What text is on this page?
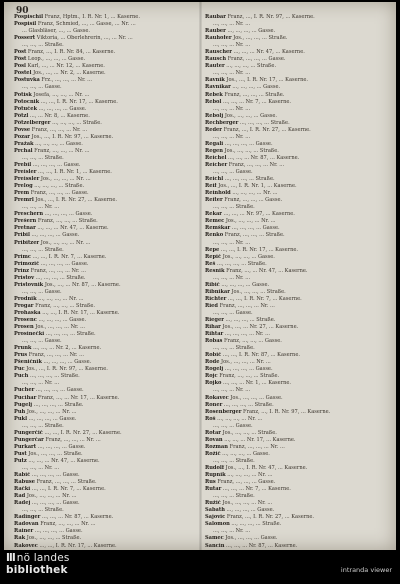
90
Pospischil Franz, Hptm., I. R. Nr. 1, ... Kaserne.
Pospisil Franz, Schmied, ..., ... Gasse, ... Nr. ...
... Glasbläser, ..., ... Gasse.
Possert Viktoria, ... Oberlehrerin, ..., ... Nr. ...
..., ..., ... Straße.
Post Franz, ..., I. R. Nr. 84, ... Kaserne.
Pöst Leop., ..., ..., ... Gasse.
Posl Karl, ..., ... Nr. 12, ... Kaserne.
Postel Jos., ..., ... Nr. 2, ... Kaserne.
Postuvka Frz., ..., ..., ... Nr. ...
..., ..., ... Gasse.
Potisk Josefa, ..., ..., ... Nr. ...
Potocnik ..., ..., I. R. Nr. 17, ... Kaserne.
Potuček ..., ..., ..., ... Gasse.
Pötzl ..., ... Nr. 8, ... Kaserne.
Pötzelberger ..., ..., ..., ... Straße.
Povse Franz, ..., ..., ... Nr. ...
Pozar Jos., ..., I. R. Nr. 97, ... Kaserne.
Pražak ..., ..., ..., ... Gasse.
Prchal Franz, ..., ..., ... Nr. ...
..., ..., ... Straße.
Prebil ..., ..., ..., ... Gasse.
Preisler ..., ..., I. R. Nr. 1, ... Kaserne.
Preissler Jos., ..., ..., ... Nr. ...
Prelog ..., ..., ..., ... Straße.
Prem Franz, ..., ..., ... Gasse.
Premrl Jos., ..., I. R. Nr. 27, ... Kaserne.
..., ..., ... Nr. ...
Preschern ..., ..., ..., ... Gasse.
Prešern Franz, ..., ..., ... Straße.
Pretnar ..., ..., ... Nr. 47, ... Kaserne.
Pribil ..., ..., ..., ... Gasse.
Pribitzer Jos., ..., ..., ... Nr. ...
..., ..., ... Straße.
Primc ..., ..., I. R. Nr. 7, ... Kaserne.
Primozič ..., ..., ..., ... Gasse.
Prinz Franz, ..., ..., ... Nr. ...
Pristov ..., ..., ..., ... Straße.
Pristovnik Jos., ..., ... Nr. 87, ... Kaserne.
..., ..., ... Gasse.
Prodnik ..., ..., ..., ... Nr. ...
Progar Franz, ..., ..., ... Straße.
Prohaska ..., ..., I. R. Nr. 17, ... Kaserne.
Prosenc ..., ..., ..., ... Gasse.
Prosen Jos., ..., ..., ... Nr. ...
Prosinečki ..., ..., ..., ... Straße.
..., ..., ... Gasse.
Prunk ..., ..., ... Nr. 2, ... Kaserne.
Prus Franz, ..., ..., ... Nr. ...
Pšeničnik ..., ..., ..., ... Gasse.
Puc Jos., ..., I. R. Nr. 97, ... Kaserne.
Puch ..., ..., ..., ... Straße.
..., ..., ... Nr. ...
Pucher ..., ..., ..., ... Gasse.
Pucihar Franz, ..., ... Nr. 17, ... Kaserne.
Pugelj ..., ..., ..., ... Straße.
Puh Jos., ..., ..., ... Nr. ...
Pukl ..., ..., ..., ... Gasse.
..., ..., ... Straße.
Pungerčič ..., ..., I. R. Nr. 27, ... Kaserne.
Pungerčar Franz, ..., ..., ... Nr. ...
Purkart ..., ..., ..., ... Gasse.
Pust Jos., ..., ..., ... Straße.
Putz ..., ..., ... Nr. 47, ... Kaserne.
..., ..., ... Nr. ...
Rabič ..., ..., ..., ... Gasse.
Rabuse Franz, ..., ..., ... Straße.
Rački ..., ..., I. R. Nr. 7, ... Kaserne.
Rad Jos., ..., ..., ... Nr. ...
Radej ..., ..., ..., ... Gasse.
..., ..., ... Straße.
Radinger ..., ..., ... Nr. 87, ... Kaserne.
Radovan Franz, ..., ..., ... Nr. ...
Rainer ..., ..., ..., ... Gasse.
Rak Jos., ..., ..., ... Straße.
Rakovec ..., ..., I. R. Nr. 17, ... Kaserne.
Raubar Franz, ..., I. R. Nr. 97, ... Kaserne.
..., ..., ... Nr. ...
Rauber ..., ..., ..., ... Gasse.
Rauhofer Jos., ..., ..., ... Straße.
..., ..., ... Nr. ...
Rauscher ..., ..., ... Nr. 47, ... Kaserne.
Rausch Franz, ..., ..., ... Gasse.
Rauter ..., ..., ..., ... Straße.
..., ..., ... Nr. ...
Ravnik Jos., ..., I. R. Nr. 17, ... Kaserne.
Ravnikar ..., ..., ..., ... Gasse.
Rebek Franz, ..., ..., ... Straße.
Rebol ..., ..., ... Nr. 7, ... Kaserne.
..., ..., ... Nr. ...
Rebolj Jos., ..., ..., ... Gasse.
Rechberger ..., ..., ..., ... Straße.
Reder Franz, ..., I. R. Nr. 27, ... Kaserne.
..., ..., ... Nr. ...
Regali ..., ..., ..., ... Gasse.
Regen Jos., ..., ..., ... Straße.
Reichel ..., ..., ... Nr. 87, ... Kaserne.
Reicher Franz, ..., ..., ... Nr. ...
..., ..., ... Gasse.
Reichl ..., ..., ..., ... Straße.
Reif Jos., ..., I. R. Nr. 1, ... Kaserne.
Reinhold ..., ..., ..., ... Nr. ...
Reiter Franz, ..., ..., ... Gasse.
..., ..., ... Straße.
Rekar ..., ..., ... Nr. 97, ... Kaserne.
Remec Jos., ..., ..., ... Nr. ...
Remškar ..., ..., ..., ... Gasse.
Renko Franz, ..., ..., ... Straße.
..., ..., ... Nr. ...
Repe ..., ..., I. R. Nr. 17, ... Kaserne.
Repič Jos., ..., ..., ... Gasse.
Reš ..., ..., ..., ... Straße.
Resnik Franz, ..., ... Nr. 47, ... Kaserne.
..., ..., ... Nr. ...
Ribič ..., ..., ..., ... Gasse.
Ribnikar Jos., ..., ..., ... Straße.
Richter ..., ..., I. R. Nr. 7, ... Kaserne.
Ried Franz, ..., ..., ... Nr. ...
..., ..., ... Gasse.
Rieger ..., ..., ..., ... Straße.
Rihar Jos., ..., ... Nr. 27, ... Kaserne.
Rihtar ..., ..., ..., ... Nr. ...
Robas Franz, ..., ..., ... Gasse.
..., ..., ... Straße.
Robič ..., ..., I. R. Nr. 87, ... Kaserne.
Rode Jos., ..., ..., ... Nr. ...
Rogelj ..., ..., ..., ... Gasse.
Rojc Franz, ..., ..., ... Straße.
Rojko ..., ..., ... Nr. 1, ... Kaserne.
..., ..., ... Nr. ...
Rokavec Jos., ..., ..., ... Gasse.
Roner ..., ..., ..., ... Straße.
Rosenberger Franz, ..., I. R. Nr. 97, ... Kaserne.
Roš ..., ..., ..., ... Nr. ...
..., ..., ... Gasse.
Rotar Jos., ..., ..., ... Straße.
Rovan ..., ..., ... Nr. 17, ... Kaserne.
Rozman Franz, ..., ..., ... Nr. ...
Rožič ..., ..., ..., ... Gasse.
..., ..., ... Straße.
Rudolf Jos., ..., I. R. Nr. 47, ... Kaserne.
Rupnik ..., ..., ..., ... Nr. ...
Rus Franz, ..., ..., ... Gasse.
Rutar ..., ..., ... Nr. 7, ... Kaserne.
..., ..., ... Straße.
Ružič Jos., ..., ..., ... Nr. ...
Sabath ..., ..., ..., ... Gasse.
Sajovic Franz, ..., I. R. Nr. 27, ... Kaserne.
Salomon ..., ..., ..., ... Straße.
..., ..., ... Nr. ...
Samec Jos., ..., ..., ... Gasse.
Sancin ..., ..., ... Nr. 87, ... Kaserne.
III nö landes
bibliothek	intranda viewer
